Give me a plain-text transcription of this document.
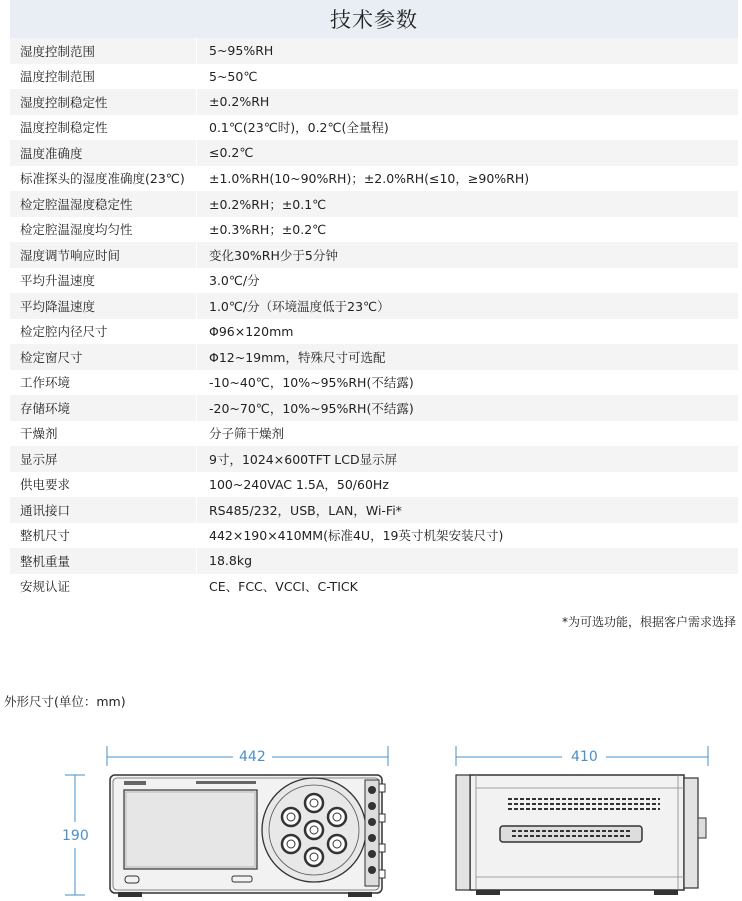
技术参数
湿度控制范围	5~95%RH
温度控制范围	5~50℃
湿度控制稳定性	±0.2%RH
温度控制稳定性	0.1℃(23℃时)，0.2℃(全量程)
温度准确度	≤0.2℃
标准探头的湿度准确度(23℃)	±1.0%RH(10~90%RH)；±2.0%RH(≤10，≥90%RH)
检定腔温湿度稳定性	±0.2%RH；±0.1℃
检定腔温湿度均匀性	±0.3%RH；±0.2℃
湿度调节响应时间	变化30%RH少于5分钟
平均升温速度	3.0℃/分
平均降温速度	1.0℃/分（环境温度低于23℃）
检定腔内径尺寸	Φ96×120mm
检定窗尺寸	Φ12~19mm，特殊尺寸可选配
工作环境	-10~40℃，10%~95%RH(不结露)
存储环境	-20~70℃，10%~95%RH(不结露)
干燥剂	分子筛干燥剂
显示屏	9寸，1024×600TFT LCD显示屏
供电要求	100~240VAC 1.5A，50/60Hz
通讯接口	RS485/232，USB，LAN，Wi-Fi*
整机尺寸	442×190×410MM(标准4U，19英寸机架安装尺寸)
整机重量	18.8kg
安规认证	CE、FCC、VCCI、C-TICK
*为可选功能，根据客户需求选择
外形尺寸(单位：mm)
442	410
190
